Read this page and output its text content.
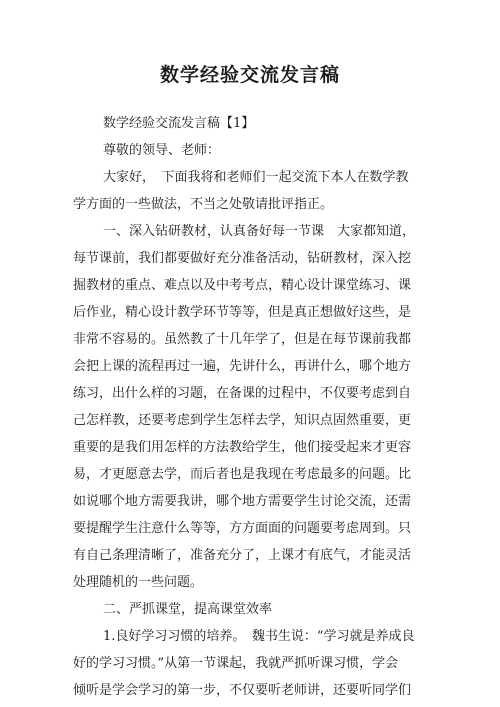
数学经验交流发言稿
数学经验交流发言稿【1】
尊敬的领导、老师：
大家好，　下面我将和老师们一起交流下本人在数学教
学方面的一些做法，不当之处敬请批评指正。
一、深入钻研教材，认真备好每一节课　大家都知道，
每节课前，我们都要做好充分准备活动，钻研教材，深入挖
掘教材的重点、难点以及中考考点，精心设计课堂练习、课
后作业，精心设计教学环节等等，但是真正想做好这些，是
非常不容易的。虽然教了十几年学了，但是在每节课前我都
会把上课的流程再过一遍，先讲什么，再讲什么，哪个地方
练习，出什么样的习题，在备课的过程中，不仅要考虑到自
己怎样教，还要考虑到学生怎样去学，知识点固然重要，更
重要的是我们用怎样的方法教给学生，他们接受起来才更容
易，才更愿意去学，而后者也是我现在考虑最多的问题。比
如说哪个地方需要我讲，哪个地方需要学生讨论交流，还需
要提醒学生注意什么等等，方方面面的问题要考虑周到。只
有自己条理清晰了，准备充分了，上课才有底气，才能灵活
处理随机的一些问题。
二、严抓课堂，提高课堂效率
1.良好学习习惯的培养。　魏书生说：“学习就是养成良
好的学习习惯。”从第一节课起，我就严抓听课习惯，学会
倾听是学会学习的第一步，不仅要听老师讲，还要听同学们
